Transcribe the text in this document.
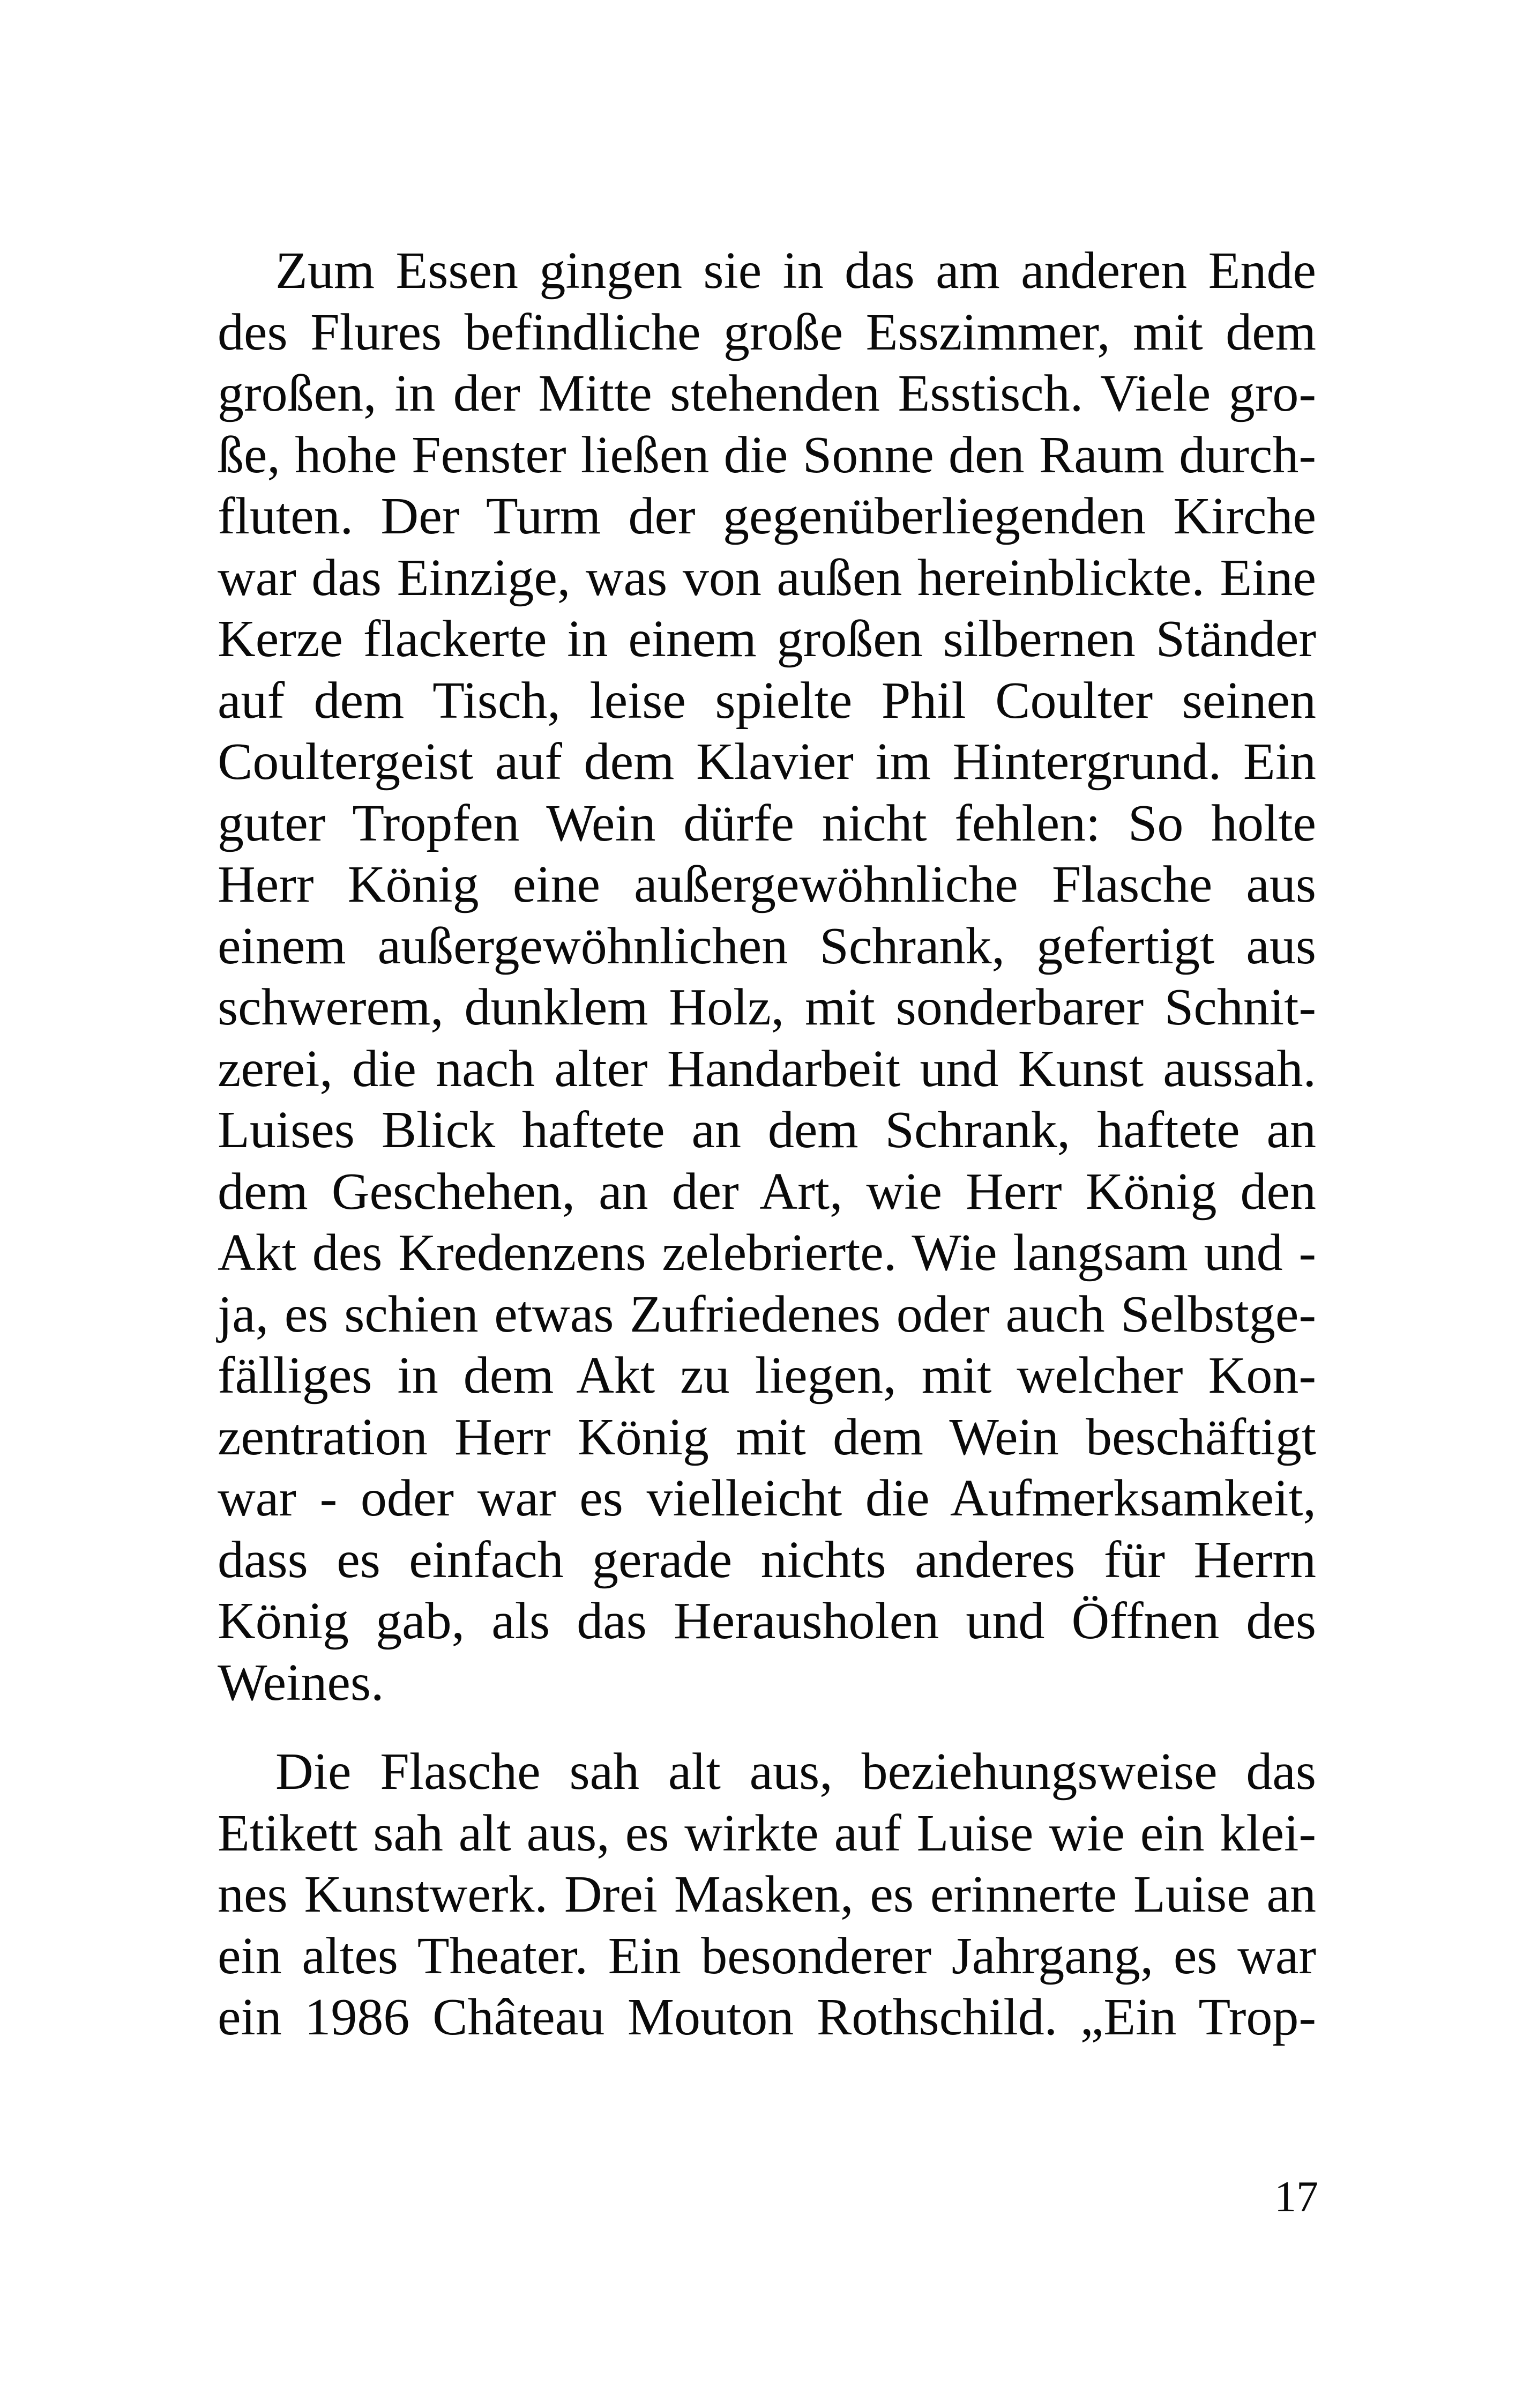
Zum Essen gingen sie in das am anderen Ende
des Flures befindliche große Esszimmer, mit dem
großen, in der Mitte stehenden Esstisch. Viele gro-
ße, hohe Fenster ließen die Sonne den Raum durch-
fluten. Der Turm der gegenüberliegenden Kirche
war das Einzige, was von außen hereinblickte. Eine
Kerze flackerte in einem großen silbernen Ständer
auf dem Tisch, leise spielte Phil Coulter seinen
Coultergeist auf dem Klavier im Hintergrund. Ein
guter Tropfen Wein dürfe nicht fehlen: So holte
Herr König eine außergewöhnliche Flasche aus
einem außergewöhnlichen Schrank, gefertigt aus
schwerem, dunklem Holz, mit sonderbarer Schnit-
zerei, die nach alter Handarbeit und Kunst aussah.
Luises Blick haftete an dem Schrank, haftete an
dem Geschehen, an der Art, wie Herr König den
Akt des Kredenzens zelebrierte. Wie langsam und -
ja, es schien etwas Zufriedenes oder auch Selbstge-
fälliges in dem Akt zu liegen, mit welcher Kon-
zentration Herr König mit dem Wein beschäftigt
war - oder war es vielleicht die Aufmerksamkeit,
dass es einfach gerade nichts anderes für Herrn
König gab, als das Herausholen und Öffnen des
Weines.
Die Flasche sah alt aus, beziehungsweise das
Etikett sah alt aus, es wirkte auf Luise wie ein klei-
nes Kunstwerk. Drei Masken, es erinnerte Luise an
ein altes Theater. Ein besonderer Jahrgang, es war
ein 1986 Château Mouton Rothschild. „Ein Trop-
17
